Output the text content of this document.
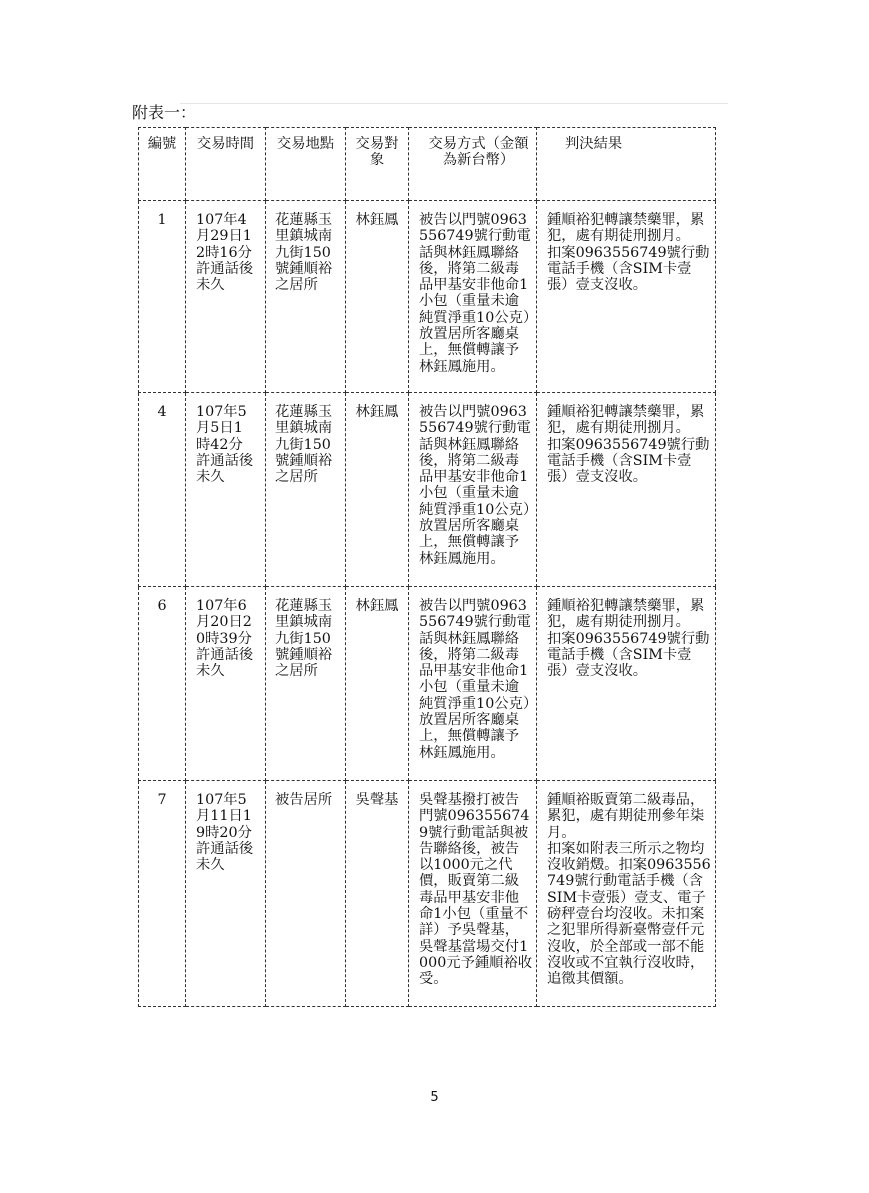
附表一：
編號	交易時間	交易地點	交易對象	交易方式（金額為新台幣）	判決結果
1	107年4月29日12時16分許通話後未久	花蓮縣玉里鎮城南九街150號鍾順裕之居所	林鈺鳳	被告以門號0963556749號行動電話與林鈺鳳聯絡後，將第二級毒品甲基安非他命1小包（重量未逾純質淨重10公克）放置居所客廳桌上，無償轉讓予林鈺鳳施用。	鍾順裕犯轉讓禁藥罪，累犯，處有期徒刑捌月。

扣案0963556749號行動電話手機（含SIM卡壹張）壹支沒收。

4	107年5月5日1時42分許通話後未久	花蓮縣玉里鎮城南九街150號鍾順裕之居所	林鈺鳳	被告以門號0963556749號行動電話與林鈺鳳聯絡後，將第二級毒品甲基安非他命1小包（重量未逾純質淨重10公克）放置居所客廳桌上，無償轉讓予林鈺鳳施用。	鍾順裕犯轉讓禁藥罪，累犯，處有期徒刑捌月。

扣案0963556749號行動電話手機（含SIM卡壹張）壹支沒收。

6	107年6月20日20時39分許通話後未久	花蓮縣玉里鎮城南九街150號鍾順裕之居所	林鈺鳳	被告以門號0963556749號行動電話與林鈺鳳聯絡後，將第二級毒品甲基安非他命1小包（重量未逾純質淨重10公克）放置居所客廳桌上，無償轉讓予林鈺鳳施用。	鍾順裕犯轉讓禁藥罪，累犯，處有期徒刑捌月。

扣案0963556749號行動電話手機（含SIM卡壹張）壹支沒收。

7	107年5月11日19時20分許通話後未久	被告居所	吳聲基	吳聲基撥打被告門號0963556749號行動電話與被告聯絡後，被告以1000元之代價，販賣第二級毒品甲基安非他命1小包（重量不詳）予吳聲基，吳聲基當場交付1000元予鍾順裕收受。	鍾順裕販賣第二級毒品，累犯，處有期徒刑參年柒月。

扣案如附表三所示之物均沒收銷燬。扣案0963556749號行動電話手機（含SIM卡壹張）壹支、電子磅秤壹台均沒收。未扣案之犯罪所得新臺幣壹仟元沒收，於全部或一部不能沒收或不宜執行沒收時，追徵其價額。

5
